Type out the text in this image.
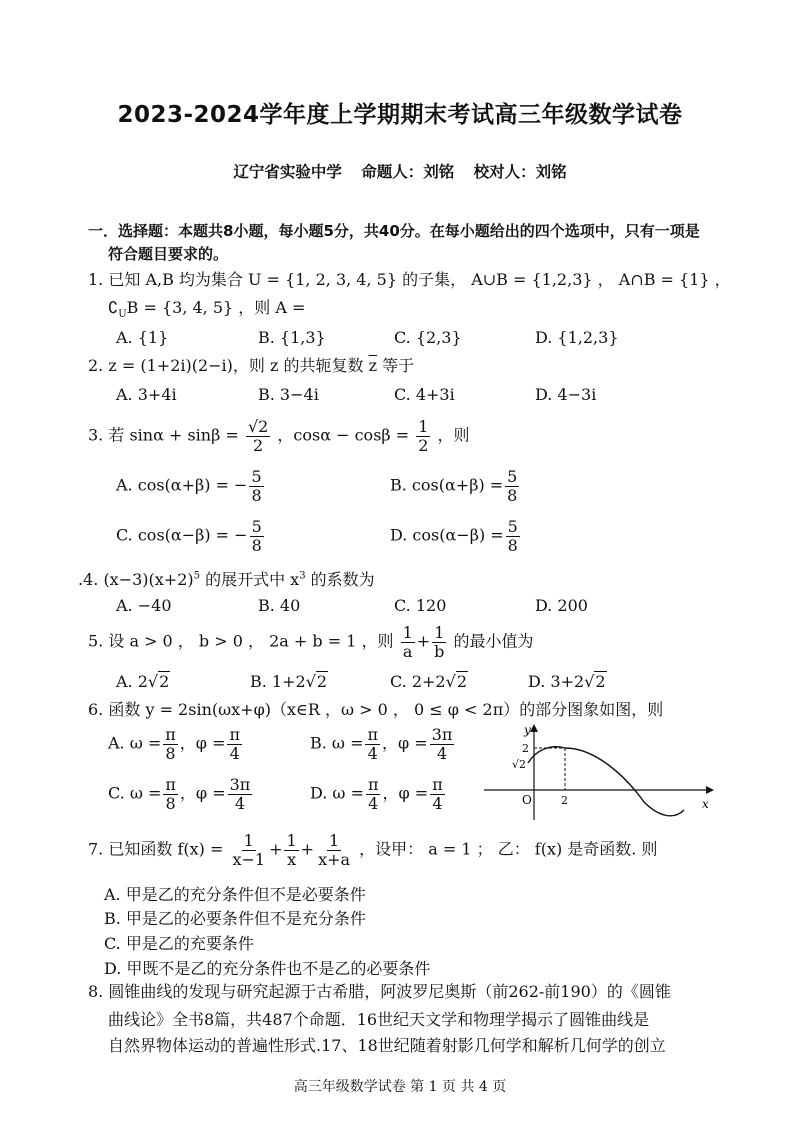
2023-2024学年度上学期期末考试高三年级数学试卷
辽宁省实验中学 命题人：刘铭 校对人：刘铭
一．选择题：本题共8小题，每小题5分，共40分。在每小题给出的四个选项中，只有一项是
符合题目要求的。
1. 已知 A,B 均为集合 U = {1, 2, 3, 4, 5} 的子集， A∪B = {1,2,3} ， A∩B = {1} ，
$∁_UB = \{3$, 4, 5} ，则 A =
A. {1}	B. {1,3}	C. {2,3}	D. {1,2,3}
2. z = (1+2i)(2−i)，则 z 的共轭复数 $\overline{z}$ 等于
A. 3+4i	B. 3−4i	C. 4+3i	D. 4−3i
3. 若 $\sin\alpha + \sin\beta = \frac{√2}{2}$ ，$\cos\alpha - \cos\beta = \frac{1}{2}$ ，则
A. cos(α+β) = − $\frac{5}{8}$	B. $\cos(\alpha+\beta) = \frac{5}{8}$
C. cos(α−β) = − $\frac{5}{8}$	D. $\cos(\alpha-\beta) = \frac{5}{8}$
.4. $(x-3)(x+2)^5$ 的展开式中 $x^3$ 的系数为
A. −40	B. 40	C. 120	D. 200
5. 设 a > 0 ， b > 0 ， 2a + b = 1 ，则 $\frac{1}{a} + \frac{1}{b}$ 的最小值为
A. 2√2	B. 1+2√2	C. 2+2√2	D. 3+2√2
6. 函数 y = 2sin(ωx+φ)（x∈R ，ω > 0 ， 0 ≤ φ < 2π）的部分图象如图，则
A. $\omega = \frac{\pi}{8}$ ，$\varphi = \frac{\pi}{4}$	B. $\omega = \frac{\pi}{4}$ ，$\varphi = \frac{3\pi}{4}$
C. $\omega = \frac{\pi}{8}$ ，$\varphi = \frac{3\pi}{4}$	D. $\omega = \frac{\pi}{4}$ ，$\varphi = \frac{\pi}{4}$
y
x
O
2
√2
2
7. 已知函数 $f(x) = \frac{1}{x-1} + \frac{1}{x} + \frac{1}{x+a}$ ，设甲： a = 1 ； 乙： f(x) 是奇函数. 则
A. 甲是乙的充分条件但不是必要条件
B. 甲是乙的必要条件但不是充分条件
C. 甲是乙的充要条件
D. 甲既不是乙的充分条件也不是乙的必要条件
8. 圆锥曲线的发现与研究起源于古希腊，阿波罗尼奥斯（前262-前190）的《圆锥
曲线论》全书8篇，共487个命题．16世纪天文学和物理学揭示了圆锥曲线是
自然界物体运动的普遍性形式.17、18世纪随着射影几何学和解析几何学的创立
高三年级数学试卷 第 1 页 共 4 页
